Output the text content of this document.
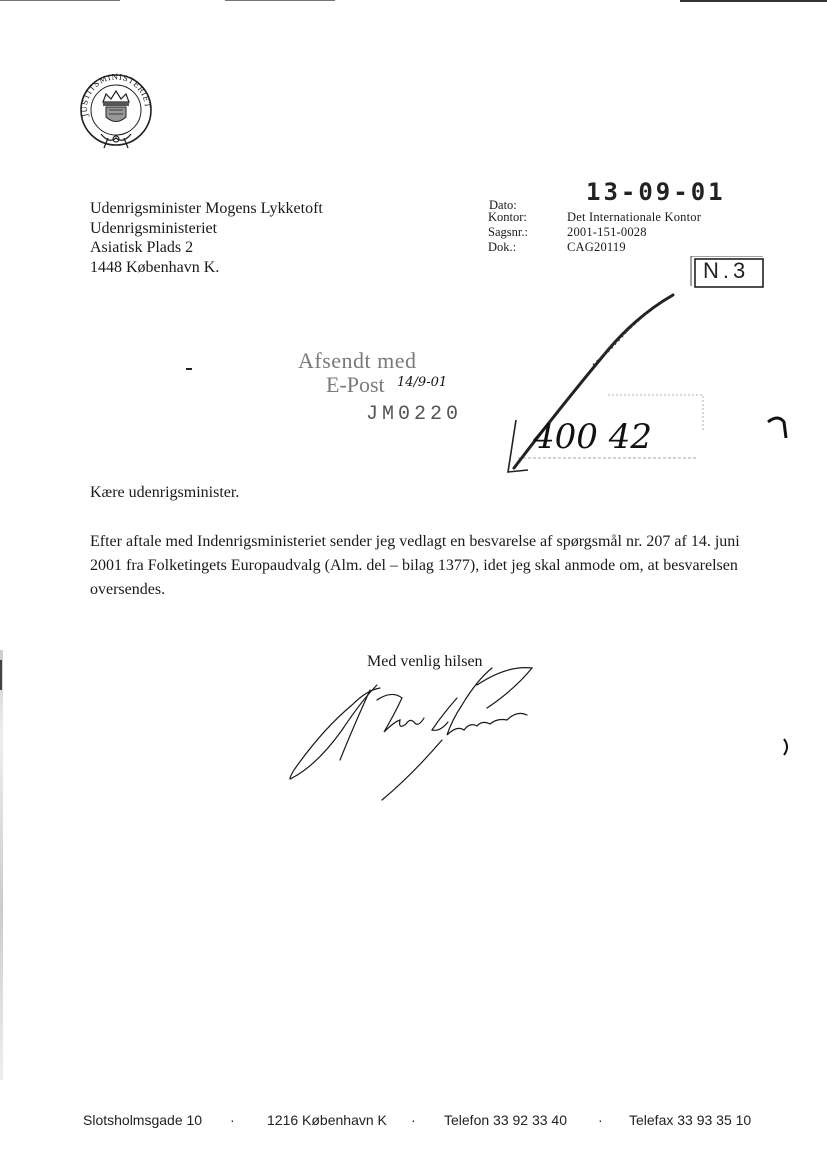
JUSTITSMINISTERIET
Udenrigsminister Mogens Lykketoft
Udenrigsministeriet
Asiatisk Plads 2
1448 København K.
13-09-01
Dato:
Kontor:	Det Internationale Kontor
Sagsnr.:	2001-151-0028
Dok.:	CAG20119
N.3
Afsendt med
E-Post 14/9-01
JM0220
400 42
Kære udenrigsminister.
Efter aftale med Indenrigsministeriet sender jeg vedlagt en besvarelse af spørgsmål nr. 207 af 14. juni 2001 fra Folketingets Europaudvalg (Alm. del – bilag 1377), idet jeg skal anmode om, at besvarelsen oversendes.
Med venlig hilsen
Slotsholmsgade 10 · 1216 København K · Telefon 33 92 33 40 · Telefax 33 93 35 10
